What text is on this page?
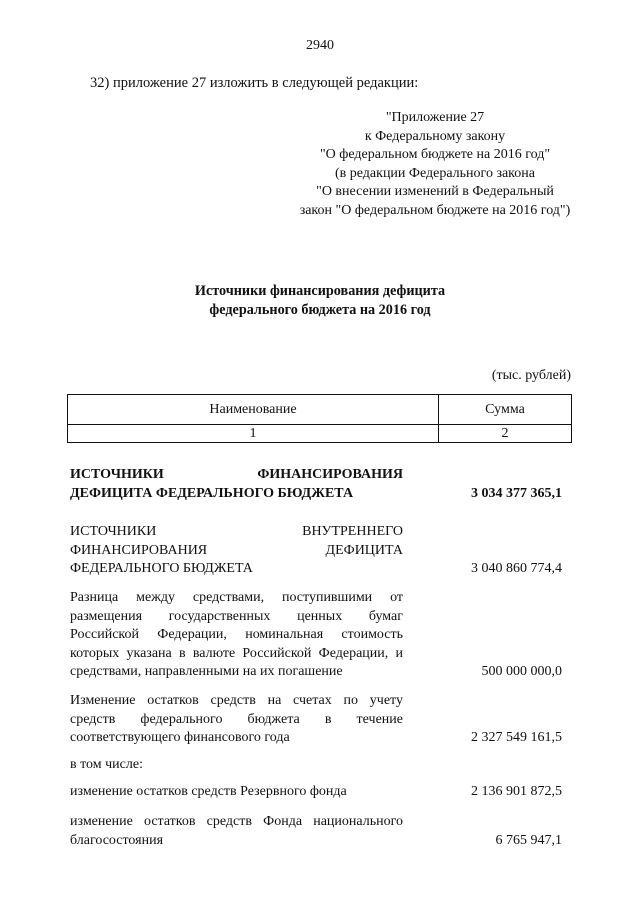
2940
32) приложение 27 изложить в следующей редакции:
"Приложение 27
к Федеральному закону
"О федеральном бюджете на 2016 год"
(в редакции Федерального закона
"О внесении изменений в Федеральный
закон "О федеральном бюджете на 2016 год")
Источники финансирования дефицита
федерального бюджета на 2016 год
(тыс. рублей)
Наименование	Сумма
1	2
ИСТОЧНИКИ ФИНАНСИРОВАНИЯ
ДЕФИЦИТА ФЕДЕРАЛЬНОГО БЮДЖЕТА	3 034 377 365,1
ИСТОЧНИКИ ВНУТРЕННЕГО
ФИНАНСИРОВАНИЯ ДЕФИЦИТА
ФЕДЕРАЛЬНОГО БЮДЖЕТА	3 040 860 774,4
Разница между средствами, поступившими от
размещения государственных ценных бумаг
Российской Федерации, номинальная стоимость
которых указана в валюте Российской Федерации, и
средствами, направленными на их погашение	500 000 000,0
Изменение остатков средств на счетах по учету
средств федерального бюджета в течение
соответствующего финансового года	2 327 549 161,5
в том числе:
изменение остатков средств Резервного фонда	2 136 901 872,5
изменение остатков средств Фонда национального
благосостояния	6 765 947,1
